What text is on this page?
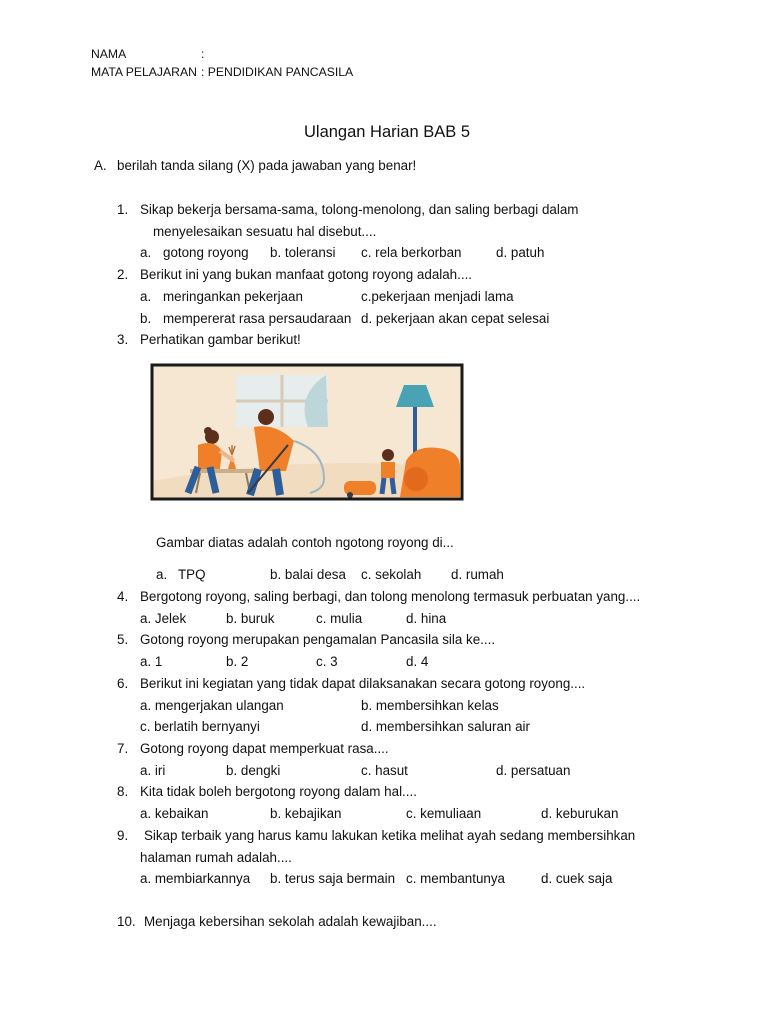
NAMA	:
MATA PELAJARAN : PENDIDIKAN PANCASILA
Ulangan Harian BAB 5
A. berilah tanda silang (X) pada jawaban yang benar!
1. Sikap bekerja bersama-sama, tolong-menolong, dan saling berbagi dalam
menyelesaikan sesuatu hal disebut....
a. gotong royong b. toleransi c. rela berkorban	d. patuh
2. Berikut ini yang bukan manfaat gotong royong adalah....
a. meringankan pekerjaan	c.pekerjaan menjadi lama
b. mempererat rasa persaudaraan d. pekerjaan akan cepat selesai
3. Perhatikan gambar berikut!
Gambar diatas adalah contoh ngotong royong di...
a. TPQ	b. balai desa c. sekolah d. rumah
4. Bergotong royong, saling berbagi, dan tolong menolong termasuk perbuatan yang....
a. Jelek	b. buruk	c. mulia	d. hina
5. Gotong royong merupakan pengamalan Pancasila sila ke....
a. 1	b. 2	c. 3	d. 4
6. Berikut ini kegiatan yang tidak dapat dilaksanakan secara gotong royong....
a. mengerjakan ulangan	b. membersihkan kelas
c. berlatih bernyanyi	d. membersihkan saluran air
7. Gotong royong dapat memperkuat rasa....
a. iri	b. dengki	c. hasut	d. persatuan
8. Kita tidak boleh bergotong royong dalam hal....
a. kebaikan	b. kebajikan	c. kemuliaan	d. keburukan
9. Sikap terbaik yang harus kamu lakukan ketika melihat ayah sedang membersihkan
halaman rumah adalah....
a. membiarkannya b. terus saja bermain c. membantunya	d. cuek saja
10. Menjaga kebersihan sekolah adalah kewajiban....
